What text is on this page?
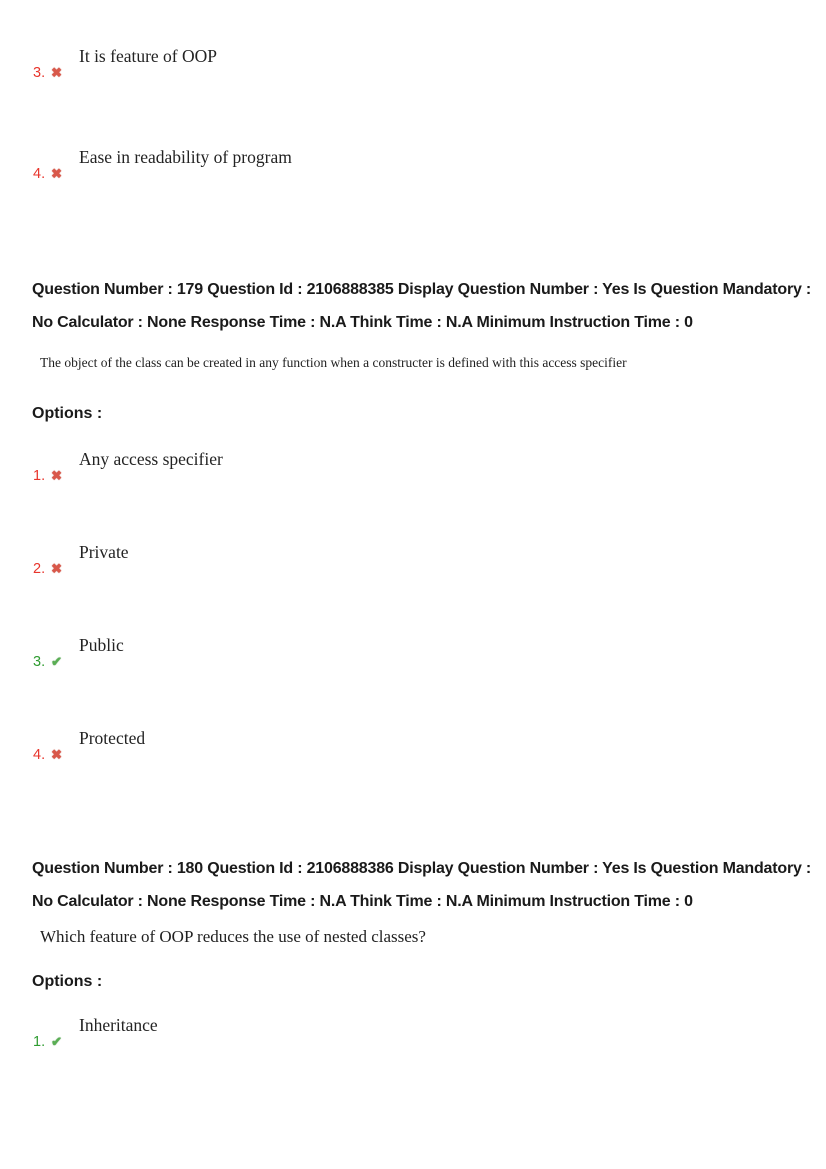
3. ✖
It is feature of OOP
4. ✖
Ease in readability of program
Question Number : 179 Question Id : 2106888385 Display Question Number : Yes Is Question Mandatory : No Calculator : None Response Time : N.A Think Time : N.A Minimum Instruction Time : 0
The object of the class can be created in any function when a constructer is defined with this access specifier
Options :
1. ✖
Any access specifier
2. ✖
Private
3. ✔
Public
4. ✖
Protected
Question Number : 180 Question Id : 2106888386 Display Question Number : Yes Is Question Mandatory : No Calculator : None Response Time : N.A Think Time : N.A Minimum Instruction Time : 0
Which feature of OOP reduces the use of nested classes?
Options :
1. ✔
Inheritance
